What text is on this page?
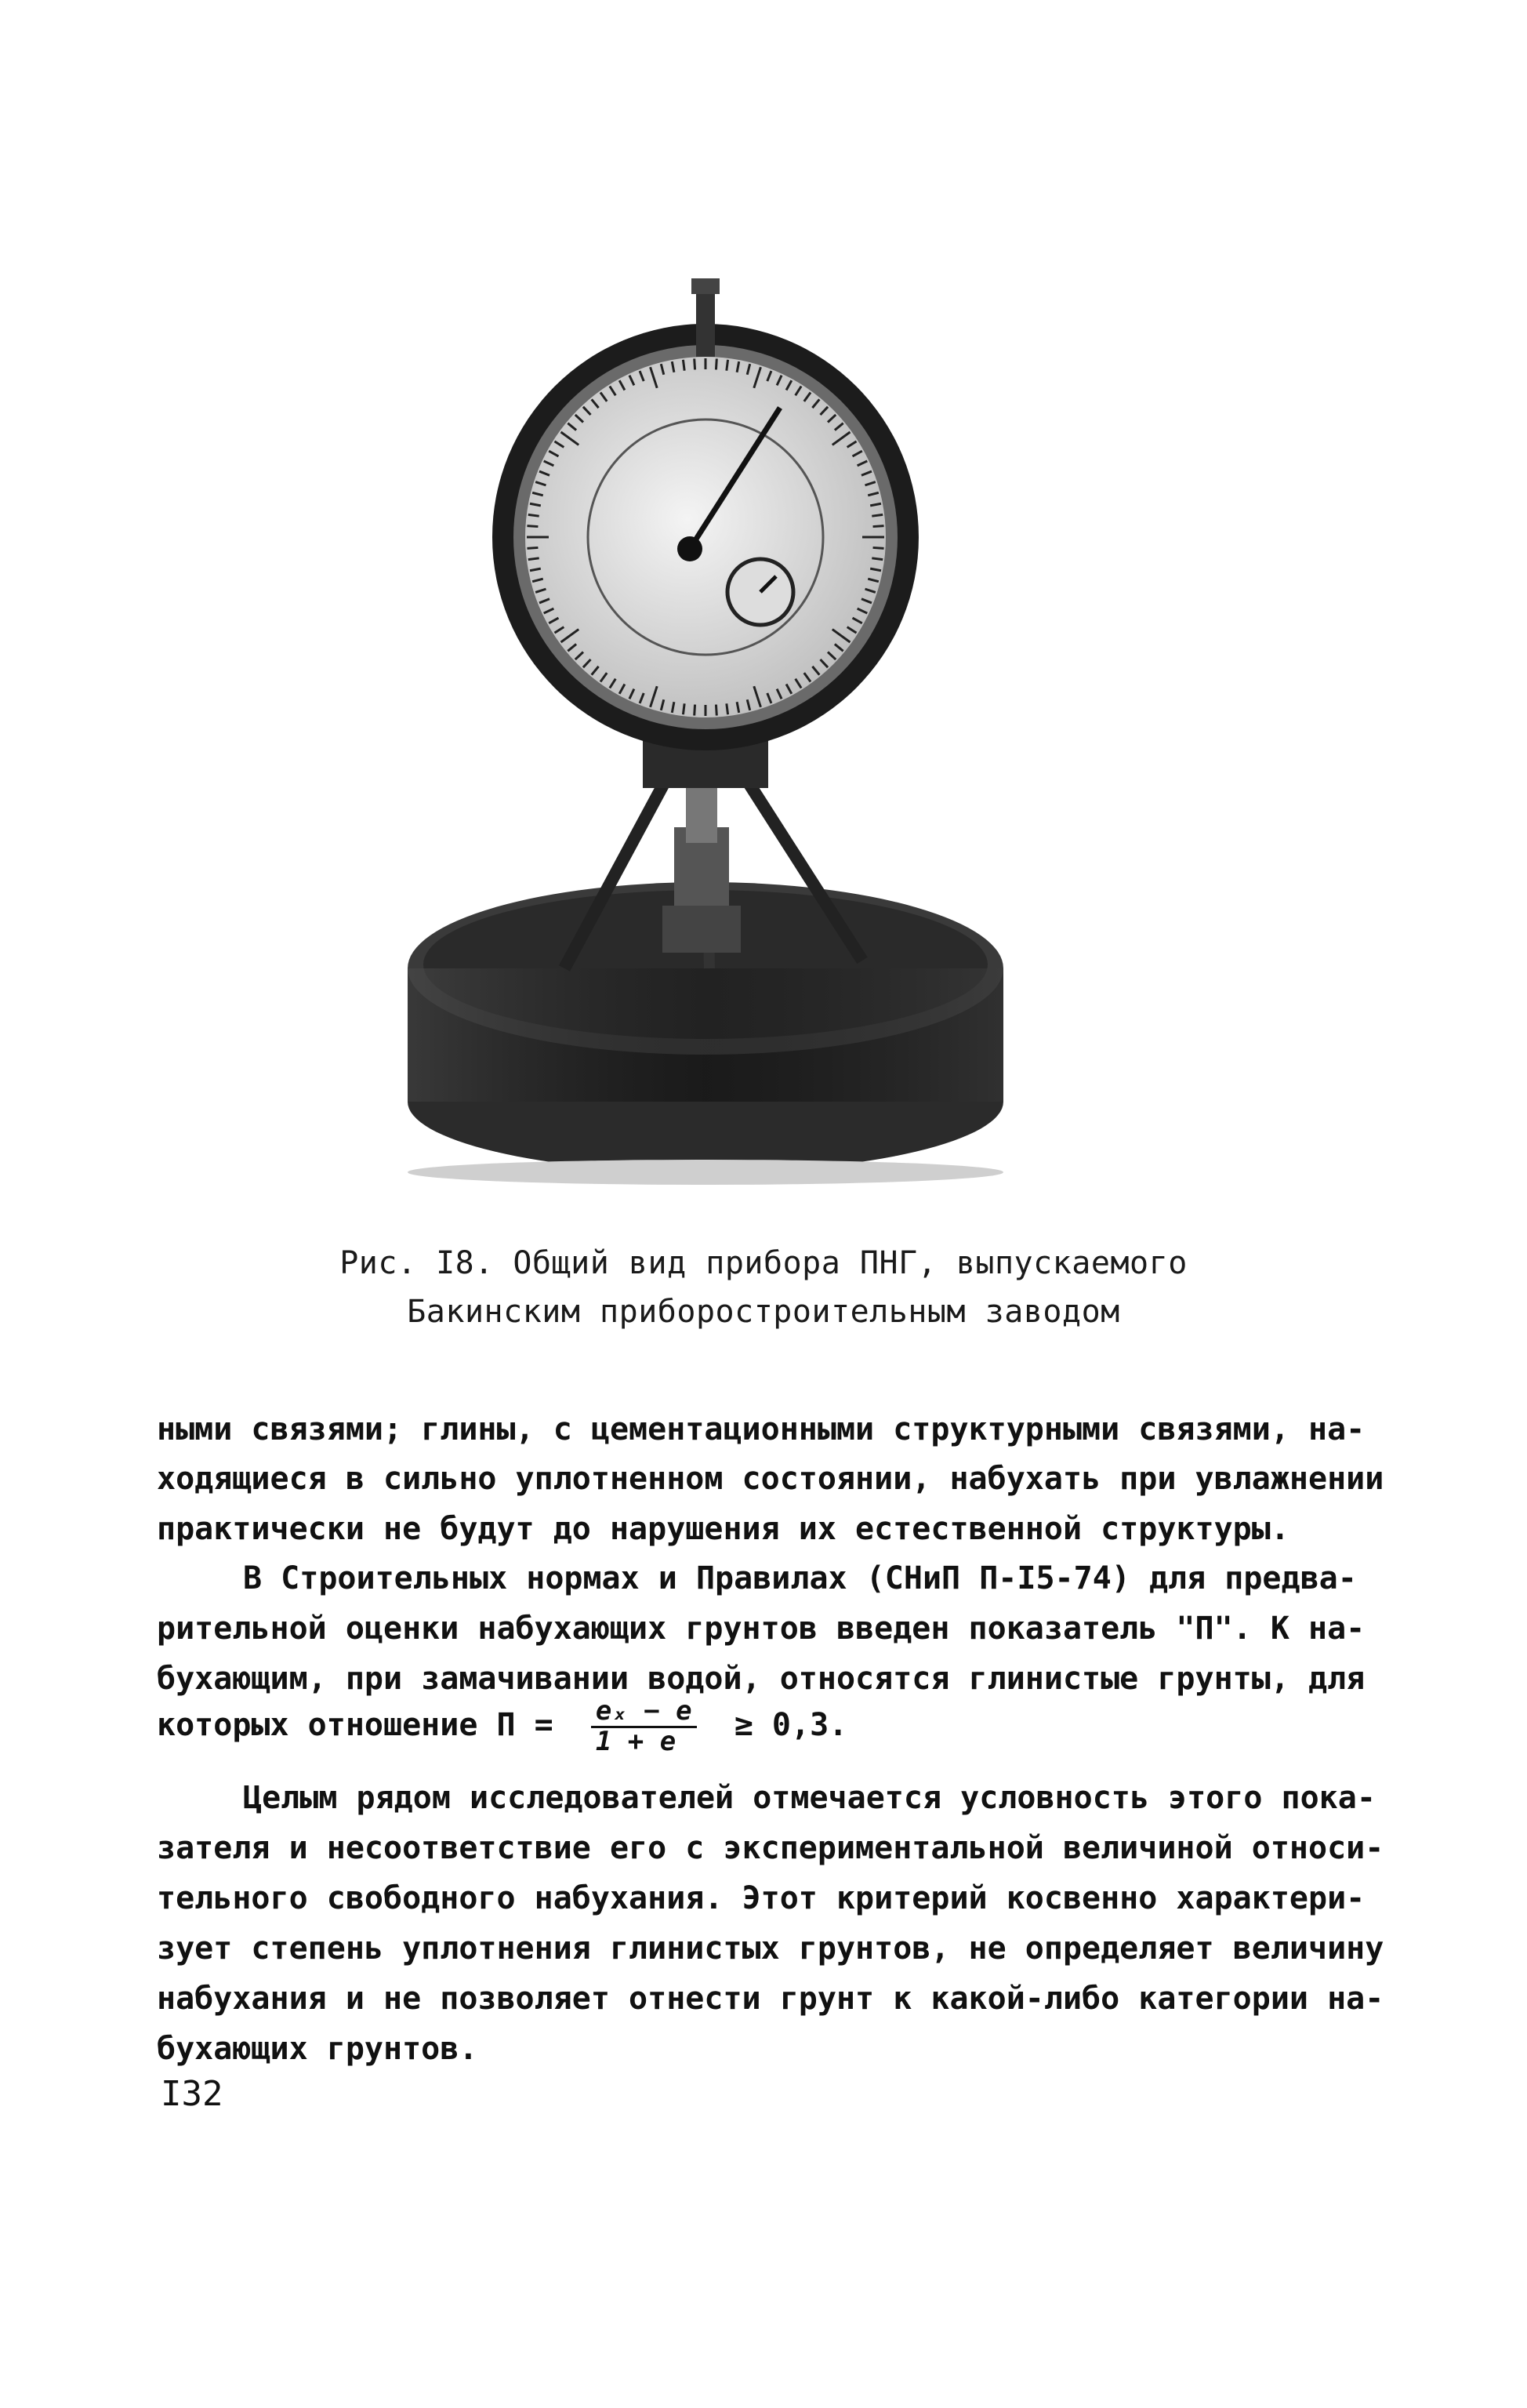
Рис. I8. Общий вид прибора ПНГ, выпускаемого
Бакинским приборостроительным заводом
ными связями; глины, с цементационными структурными связями, на-
ходящиеся в сильно уплотненном состоянии, набухать при увлажнении
практически не будут до нарушения их естественной структуры.
В Строительных нормах и Правилах (СНиП П-I5-74) для предва-
рительной оценки набухающих грунтов введен показатель "П". К на-
бухающим, при замачивании водой, относятся глинистые грунты, для
которых отношение $П = \frac{\text{eₓ − e}}{1 + e} \ge 0,3$.
Целым рядом исследователей отмечается условность этого пока-
зателя и несоответствие его с экспериментальной величиной относи-
тельного свободного набухания. Этот критерий косвенно характери-
зует степень уплотнения глинистых грунтов, не определяет величину
набухания и не позволяет отнести грунт к какой-либо категории на-
бухающих грунтов.
I32
